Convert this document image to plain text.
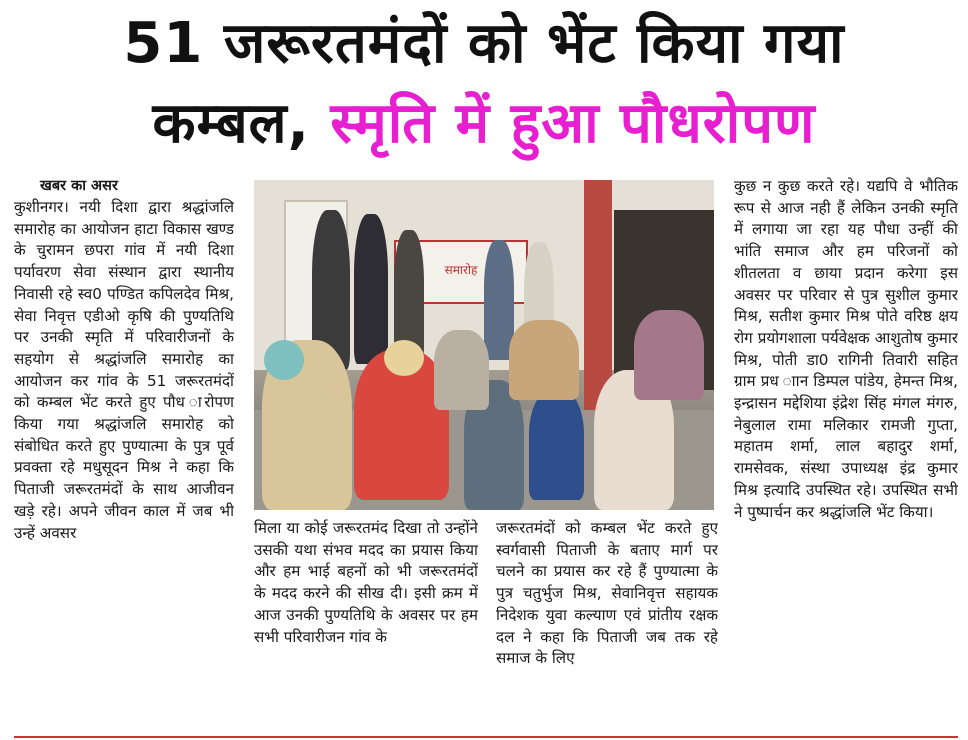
51 जरूरतमंदों को भेंट किया गया
कम्बल, स्मृति में हुआ पौधरोपण
खबर का असर
कुशीनगर। नयी दिशा द्वारा श्रद्धांजलि समारोह का आयोजन हाटा विकास खण्ड के चुरामन छपरा गांव में नयी दिशा पर्यावरण सेवा संस्थान द्वारा स्थानीय निवासी रहे स्व0 पण्डित कपिलदेव मिश्र, सेवा निवृत्त एडीओ कृषि की पुण्यतिथि पर उनकी स्मृति में परिवारीजनों के सहयोग से श्रद्धांजलि समारोह का आयोजन कर गांव के 51 जरूरतमंदों को कम्बल भेंट करते हुए पौध ारोपण किया गया श्रद्धांजलि समारोह को संबोधित करते हुए पुण्यात्मा के पुत्र पूर्व प्रवक्ता रहे मधुसूदन मिश्र ने कहा कि पिताजी जरूरतमंदों के साथ आजीवन खड़े रहे। अपने जीवन काल में जब भी उन्हें अवसर
समारोह
मिला या कोई जरूरतमंद दिखा तो उन्होंने उसकी यथा संभव मदद का प्रयास किया और हम भाई बहनों को भी जरूरतमंदों के मदद करने की सीख दी। इसी क्रम में आज उनकी पुण्यतिथि के अवसर पर हम सभी परिवारीजन गांव के
जरूरतमंदों को कम्बल भेंट करते हुए स्वर्गवासी पिताजी के बताए मार्ग पर चलने का प्रयास कर रहे हैं पुण्यात्मा के पुत्र चतुर्भुज मिश्र, सेवानिवृत्त सहायक निदेशक युवा कल्याण एवं प्रांतीय रक्षक दल ने कहा कि पिताजी जब तक रहे समाज के लिए
कुछ न कुछ करते रहे। यद्यपि वे भौतिक रूप से आज नही हैं लेकिन उनकी स्मृति में लगाया जा रहा यह पौधा उन्हीं की भांति समाज और हम परिजनों को शीतलता व छाया प्रदान करेगा इस अवसर पर परिवार से पुत्र सुशील कुमार मिश्र, सतीश कुमार मिश्र पोते वरिष्ठ क्षय रोग प्रयोगशाला पर्यवेक्षक आशुतोष कुमार मिश्र, पोती डा0 रागिनी तिवारी सहित ग्राम प्रध ाान डिम्पल पांडेय, हेमन्त मिश्र, इन्द्रासन मद्देशिया इंद्रेश सिंह मंगल मंगरु, नेबुलाल रामा मलिकार रामजी गुप्ता, महातम शर्मा, लाल बहादुर शर्मा, रामसेवक, संस्था उपाध्यक्ष इंद्र कुमार मिश्र इत्यादि उपस्थित रहे। उपस्थित सभी ने पुष्पार्चन कर श्रद्धांजलि भेंट किया।
